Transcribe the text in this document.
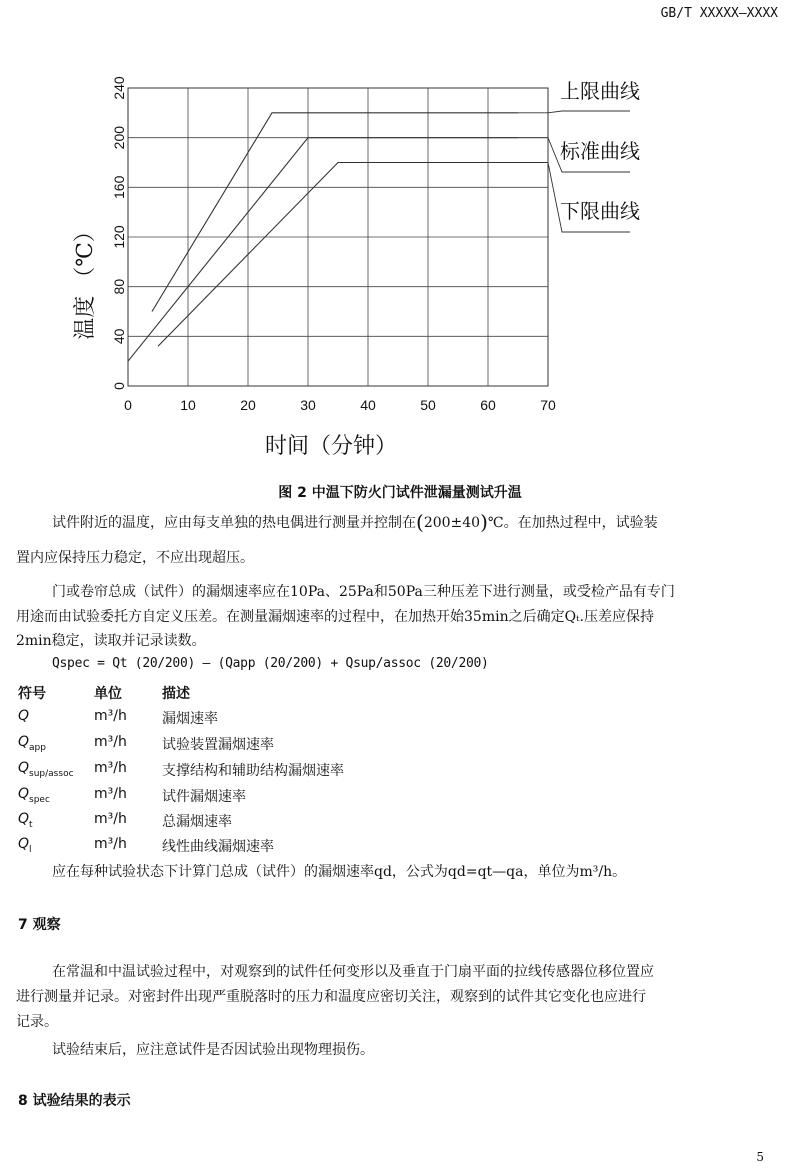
GB/T XXXXX—XXXX
0
40
80
120
160
200
240
0	10	20	30	40	50	60	70
上限曲线
标准曲线
下限曲线
温度 （℃）
时间（分钟）
图 2 中温下防火门试件泄漏量测试升温
试件附近的温度，应由每支单独的热电偶进行测量并控制在(200±40)℃。在加热过程中，试验装
置内应保持压力稳定，不应出现超压。
门或卷帘总成（试件）的漏烟速率应在10Pa、25Pa和50Pa三种压差下进行测量，或受检产品有专门
用途而由试验委托方自定义压差。在测量漏烟速率的过程中，在加热开始35min之后确定Qₜ.压差应保持
2min稳定，读取并记录读数。
Qspec = Qt (20/200) – (Qapp (20/200) + Qsup/assoc (20/200)
符号	单位	描述
Q	m³/h	漏烟速率
$Q_{app}$	m³/h	试验装置漏烟速率
$Q_{sup/assoc}$ m³/h	支撑结构和辅助结构漏烟速率
$Q_{spec}$	m³/h	试件漏烟速率
$Q_t$	m³/h	总漏烟速率
$Q_l$	m³/h	线性曲线漏烟速率
应在每种试验状态下计算门总成（试件）的漏烟速率qd，公式为qd=qt—qa，单位为m³/h。
7 观察
在常温和中温试验过程中，对观察到的试件任何变形以及垂直于门扇平面的拉线传感器位移位置应
进行测量并记录。对密封件出现严重脱落时的压力和温度应密切关注，观察到的试件其它变化也应进行
记录。
试验结束后，应注意试件是否因试验出现物理损伤。
8 试验结果的表示
5
